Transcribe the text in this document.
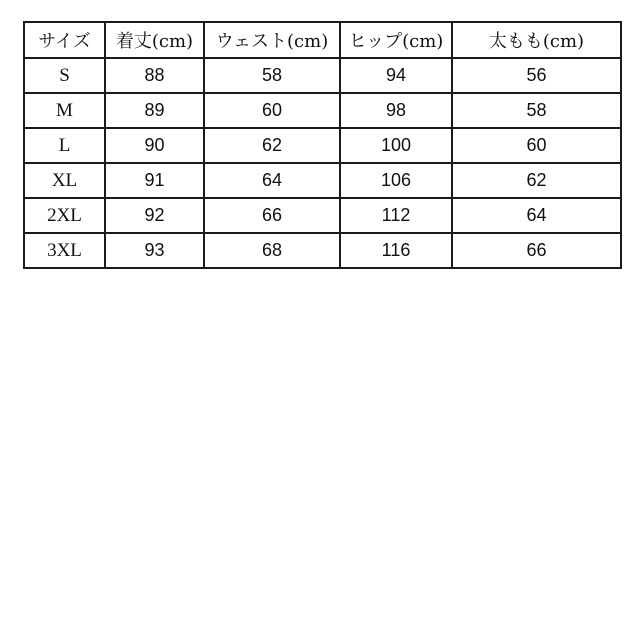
サイズ	着丈(cm)	ウェスト(cm)	ヒップ(cm)	太もも(cm)
S	88	58	94	56
M	89	60	98	58
L	90	62	100	60
XL	91	64	106	62
2XL	92	66	112	64
3XL	93	68	116	66
